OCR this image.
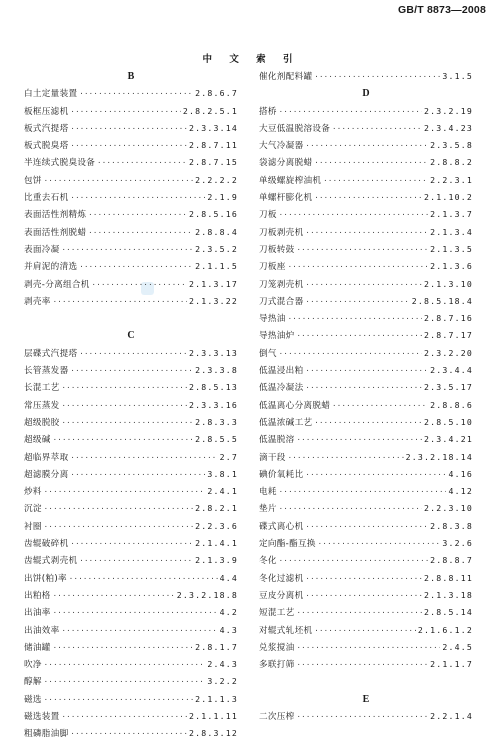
GB/T 8873—2008
中 文 索 引
B
白土定量装置 ·····	2.8.6.7
板框压滤机 ·····	2.8.2.5.1
板式汽提塔 ·····	2.3.3.14
板式脱臭塔 ·····	2.8.7.11
半连续式脱臭设备 ·····	2.8.7.15
包饼 ·····	2.2.2.2
比重去石机 ·····	2.1.9
表面活性剂精炼 ·····	2.8.5.16
表面活性剂脱蜡 ·····	2.8.8.4
表面冷凝 ·····	2.3.5.2
并肩泥的清选 ·····	2.1.1.5
剥壳-分离组合机 ·····	2.1.3.17
剥壳率 ·····	2.1.3.22
C
层碟式汽提塔 ·····	2.3.3.13
长管蒸发器 ·····	2.3.3.8
长混工艺 ·····	2.8.5.13
常压蒸发 ·····	2.3.3.16
超级脱胶 ·····	2.8.3.3
超级碱 ·····	2.8.5.5
超临界萃取 ·····	2.7
超滤膜分离 ·····	3.8.1
炒料 ·····	2.4.1
沉淀 ·····	2.8.2.1
衬圈 ·····	2.2.3.6
齿辊破碎机 ·····	2.1.4.1
齿辊式剥壳机 ·····	2.1.3.9
出饼(粕)率 ·····	4.4
出粕格 ·····	2.3.2.18.8
出油率 ·····	4.2
出油效率 ·····	4.3
储油罐 ·····	2.8.1.7
吹净 ·····	2.4.3
醇解 ·····	3.2.2
磁选 ·····	2.1.1.3
磁选装置 ·····	2.1.1.11
粗磷脂油脚 ·····	2.8.3.12
催化剂配料罐 ·····	3.1.5
D
搭桥 ·····	2.3.2.19
大豆低温脱溶设备 ·····	2.3.4.23
大气冷凝器 ·····	2.3.5.8
袋滤分离脱蜡 ·····	2.8.8.2
单级螺旋榨油机 ·····	2.2.3.1
单螺杆膨化机 ·····	2.1.10.2
刀板 ·····	2.1.3.7
刀板剥壳机 ·····	2.1.3.4
刀板转鼓 ·····	2.1.3.5
刀板座 ·····	2.1.3.6
刀笼剥壳机 ·····	2.1.3.10
刀式混合器 ·····	2.8.5.18.4
导热油 ·····	2.8.7.16
导热油炉 ·····	2.8.7.17
倒气 ·····	2.3.2.20
低温浸出粕 ·····	2.3.4.4
低温冷凝法 ·····	2.3.5.17
低温离心分离脱蜡 ·····	2.8.8.6
低温浓碱工艺 ·····	2.8.5.10
低温脱溶 ·····	2.3.4.21
滴干段 ·····	2.3.2.18.14
碘价氧耗比 ·····	4.16
电耗 ·····	4.12
垫片 ·····	2.2.3.10
碟式离心机 ·····	2.8.3.8
定向酯-酯互换 ·····	3.2.6
冬化 ·····	2.8.8.7
冬化过滤机 ·····	2.8.8.11
豆皮分离机 ·····	2.1.3.18
短混工艺 ·····	2.8.5.14
对辊式轧坯机 ·····	2.1.6.1.2
兑浆搅油 ·····	2.4.5
多联打筛 ·····	2.1.1.7
E
二次压榨 ·····	2.2.1.4
